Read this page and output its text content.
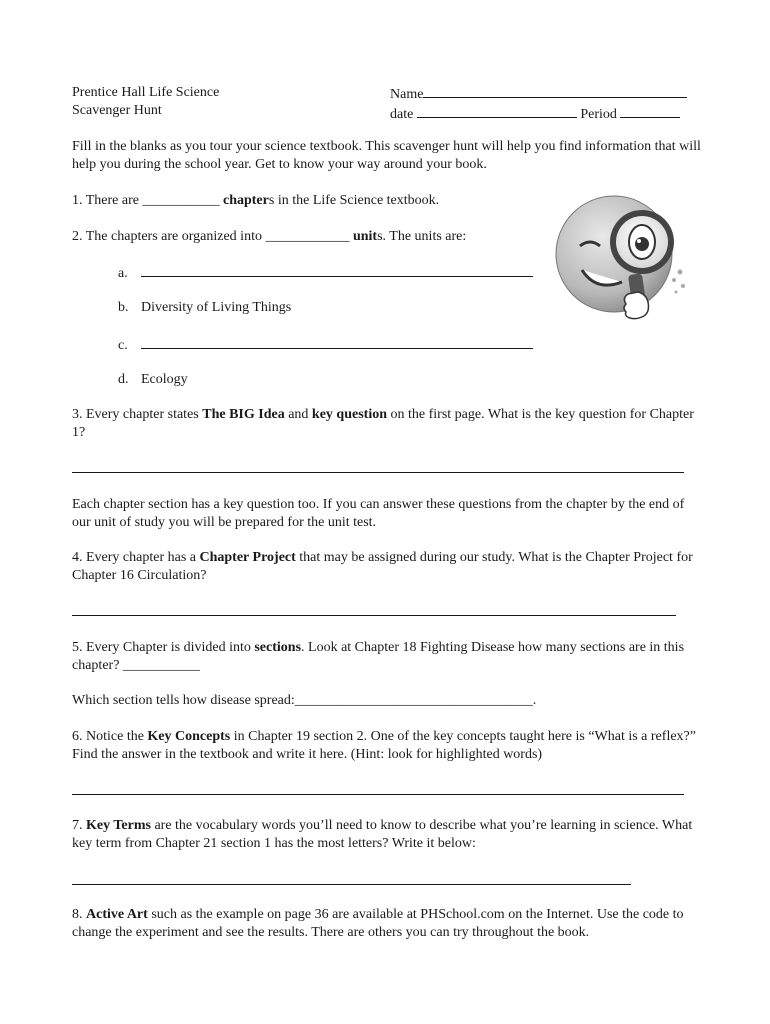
Prentice Hall Life Science
Scavenger Hunt
Name
date	Period

Fill in the blanks as you tour your science textbook. This scavenger hunt will help you find information that will help you during the school year. Get to know your way around your book.

1. There are ___________ chapters in the Life Science textbook.

2. The chapters are organized into ____________ units. The units are:

a.
b. Diversity of Living Things
c.
d. Ecology

3. Every chapter states The BIG Idea and key question on the first page. What is the key question for Chapter 1?

Each chapter section has a key question too. If you can answer these questions from the chapter by the end of our unit of study you will be prepared for the unit test.

4. Every chapter has a Chapter Project that may be assigned during our study. What is the Chapter Project for Chapter 16 Circulation?

5. Every Chapter is divided into sections. Look at Chapter 18 Fighting Disease how many sections are in this chapter? ___________

Which section tells how disease spread:__________________________________.

6. Notice the Key Concepts in Chapter 19 section 2. One of the key concepts taught here is “What is a reflex?” Find the answer in the textbook and write it here. (Hint: look for highlighted words)

7. Key Terms are the vocabulary words you’ll need to know to describe what you’re learning in science. What key term from Chapter 21 section 1 has the most letters? Write it below:

8. Active Art such as the example on page 36 are available at PHSchool.com on the Internet. Use the code to change the experiment and see the results. There are others you can try throughout the book.
